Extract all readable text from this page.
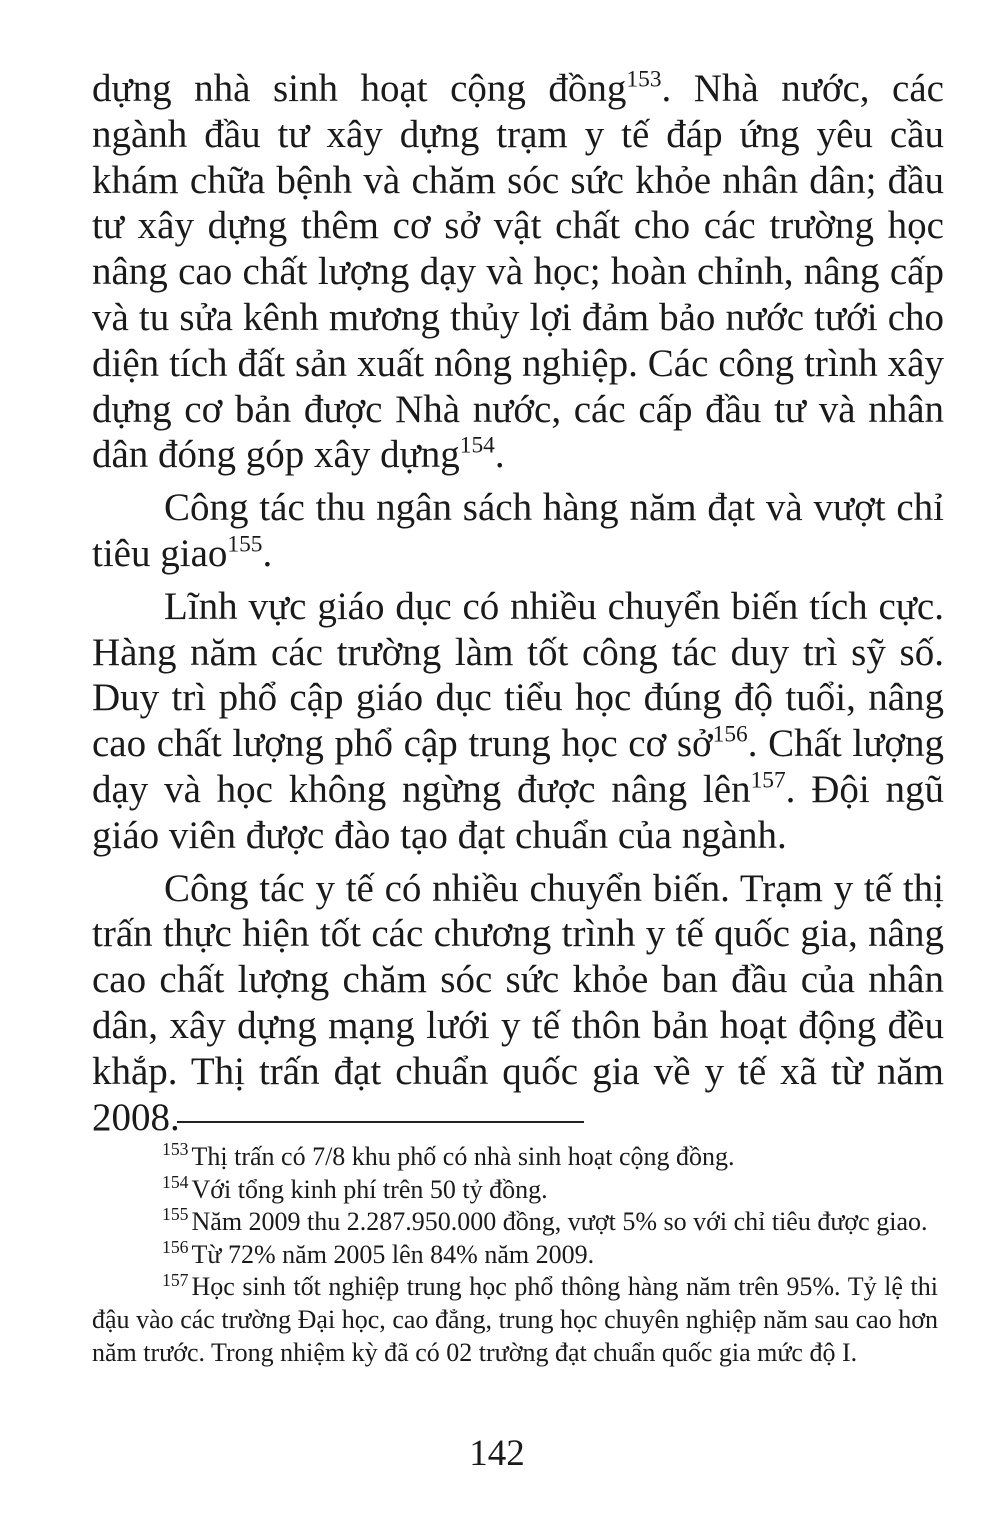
dựng nhà sinh hoạt cộng đồng$^{153}$. Nhà nước, các ngành đầu tư xây dựng trạm y tế đáp ứng yêu cầu khám chữa bệnh và chăm sóc sức khỏe nhân dân; đầu tư xây dựng thêm cơ sở vật chất cho các trường học nâng cao chất lượng dạy và học; hoàn chỉnh, nâng cấp và tu sửa kênh mương thủy lợi đảm bảo nước tưới cho diện tích đất sản xuất nông nghiệp. Các công trình xây dựng cơ bản được Nhà nước, các cấp đầu tư và nhân dân đóng góp xây dựng$^{154}$.

Công tác thu ngân sách hàng năm đạt và vượt chỉ tiêu giao$^{155}$.

Lĩnh vực giáo dục có nhiều chuyển biến tích cực. Hàng năm các trường làm tốt công tác duy trì sỹ số. Duy trì phổ cập giáo dục tiểu học đúng độ tuổi, nâng cao chất lượng phổ cập trung học cơ sở$^{156}$. Chất lượng dạy và học không ngừng được nâng lên$^{157}$. Đội ngũ giáo viên được đào tạo đạt chuẩn của ngành.

Công tác y tế có nhiều chuyển biến. Trạm y tế thị trấn thực hiện tốt các chương trình y tế quốc gia, nâng cao chất lượng chăm sóc sức khỏe ban đầu của nhân dân, xây dựng mạng lưới y tế thôn bản hoạt động đều khắp. Thị trấn đạt chuẩn quốc gia về y tế xã từ năm 2008.

$^{153}$ Thị trấn có 7/8 khu phố có nhà sinh hoạt cộng đồng.

$^{154}$ Với tổng kinh phí trên 50 tỷ đồng.

$^{155}$ Năm 2009 thu 2.287.950.000 đồng, vượt 5% so với chỉ tiêu được giao.

$^{156}$ Từ 72% năm 2005 lên 84% năm 2009.

$^{157}$ Học sinh tốt nghiệp trung học phổ thông hàng năm trên 95%. Tỷ lệ thi đậu vào các trường Đại học, cao đẳng, trung học chuyên nghiệp năm sau cao hơn năm trước. Trong nhiệm kỳ đã có 02 trường đạt chuẩn quốc gia mức độ I.

142
